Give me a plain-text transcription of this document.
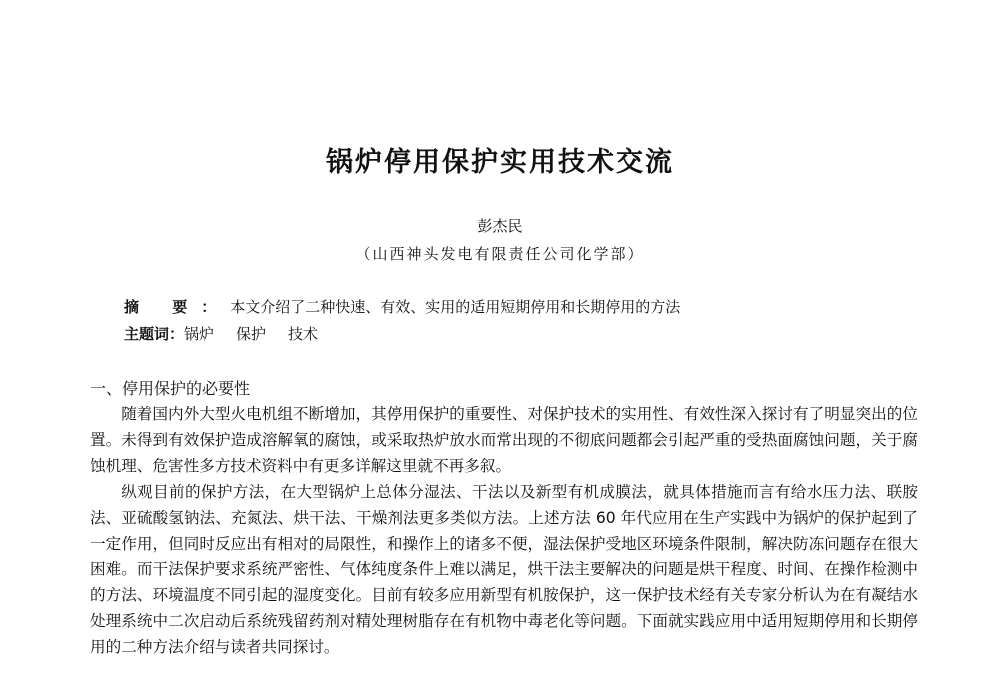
锅炉停用保护实用技术交流
彭杰民
（山西神头发电有限责任公司化学部）
摘 要：本文介绍了二种快速、有效、实用的适用短期停用和长期停用的方法
主题词：锅炉 保护 技术
一、停用保护的必要性

随着国内外大型火电机组不断增加，其停用保护的重要性、对保护技术的实用性、有效性深入探讨有了明显突出的位置。未得到有效保护造成溶解氧的腐蚀，或采取热炉放水而常出现的不彻底问题都会引起严重的受热面腐蚀问题，关于腐蚀机理、危害性多方技术资料中有更多详解这里就不再多叙。

纵观目前的保护方法，在大型锅炉上总体分湿法、干法以及新型有机成膜法，就具体措施而言有给水压力法、联胺法、亚硫酸氢钠法、充氮法、烘干法、干燥剂法更多类似方法。上述方法 60 年代应用在生产实践中为锅炉的保护起到了一定作用，但同时反应出有相对的局限性，和操作上的诸多不便，湿法保护受地区环境条件限制，解决防冻问题存在很大困难。而干法保护要求系统严密性、气体纯度条件上难以满足，烘干法主要解决的问题是烘干程度、时间、在操作检测中的方法、环境温度不同引起的湿度变化。目前有较多应用新型有机胺保护，这一保护技术经有关专家分析认为在有凝结水处理系统中二次启动后系统残留药剂对精处理树脂存在有机物中毒老化等问题。下面就实践应用中适用短期停用和长期停用的二种方法介绍与读者共同探讨。
